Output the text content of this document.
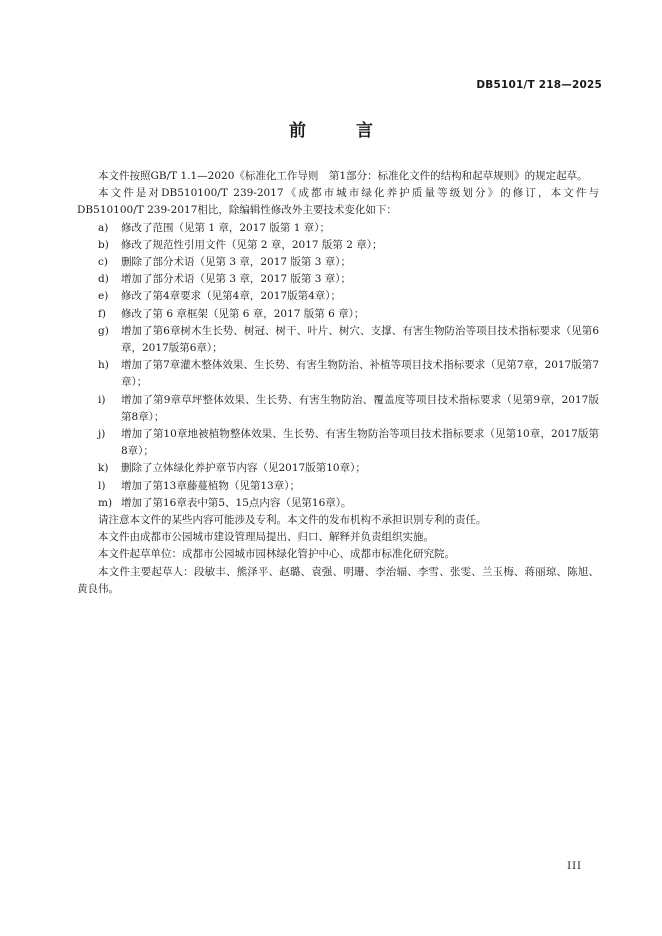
DB5101/T 218—2025
前 言
本文件按照GB/T 1.1—2020《标准化工作导则　第1部分：标准化文件的结构和起草规则》的规定起草。
本文件是对DB510100/T 239-2017《成都市城市绿化养护质量等级划分》的修订，本文件与DB510100/T 239-2017相比，除编辑性修改外主要技术变化如下：
a)	修改了范围（见第 1 章，2017 版第 1 章）；
b)	修改了规范性引用文件（见第 2 章，2017 版第 2 章）；
c)	删除了部分术语（见第 3 章，2017 版第 3 章）；
d)	增加了部分术语（见第 3 章，2017 版第 3 章）；
e)	修改了第4章要求（见第4章，2017版第4章）；
f)	修改了第 6 章框架（见第 6 章，2017 版第 6 章）；
g)	增加了第6章树木生长势、树冠、树干、叶片、树穴、支撑、有害生物防治等项目技术指标要求（见第6章，2017版第6章）；
h)	增加了第7章灌木整体效果、生长势、有害生物防治、补植等项目技术指标要求（见第7章，2017版第7章）；
i)	增加了第9章草坪整体效果、生长势、有害生物防治、覆盖度等项目技术指标要求（见第9章，2017版第8章）；
j)	增加了第10章地被植物整体效果、生长势、有害生物防治等项目技术指标要求（见第10章，2017版第8章）；
k)	删除了立体绿化养护章节内容（见2017版第10章）；
l)	增加了第13章藤蔓植物（见第13章）；
m) 增加了第16章表中第5、15点内容（见第16章）。
请注意本文件的某些内容可能涉及专利。本文件的发布机构不承担识别专利的责任。
本文件由成都市公园城市建设管理局提出、归口、解释并负责组织实施。
本文件起草单位：成都市公园城市园林绿化管护中心、成都市标准化研究院。
本文件主要起草人：段敏丰、熊泽平、赵璐、袁强、明珊、李治辐、李雪、张雯、兰玉梅、蒋丽琼、陈旭、黄良伟。
III
